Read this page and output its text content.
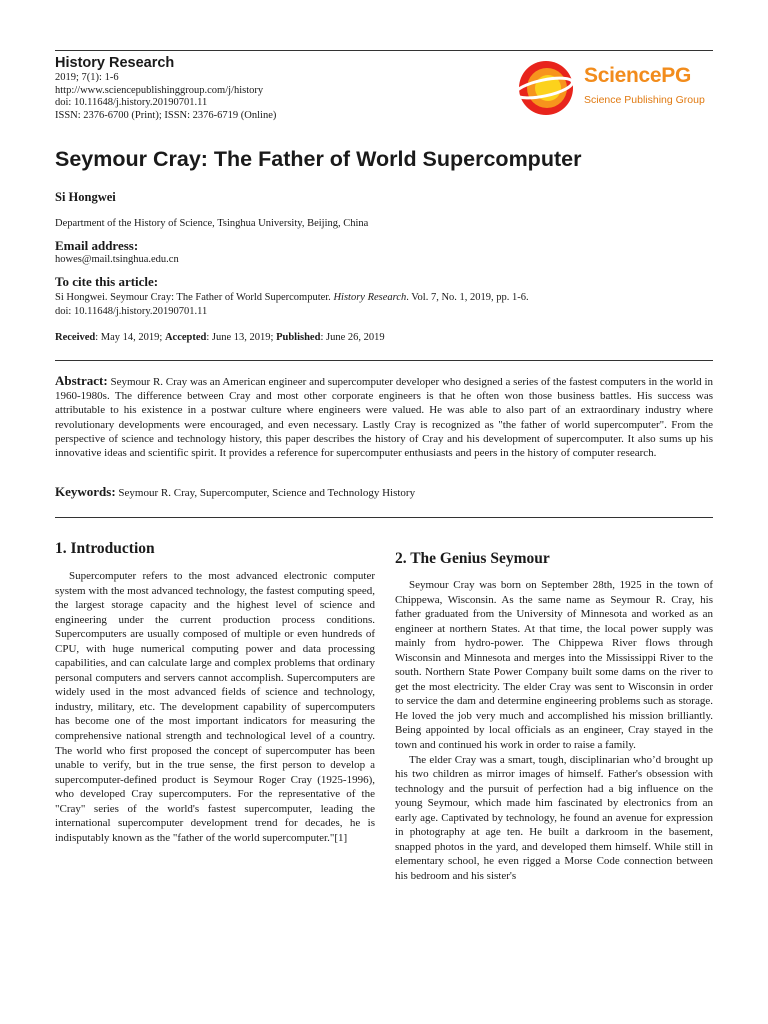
History Research
2019; 7(1): 1-6
http://www.sciencepublishinggroup.com/j/history
doi: 10.11648/j.history.20190701.11
ISSN: 2376-6700 (Print); ISSN: 2376-6719 (Online)
SciencePG
Science Publishing Group
Seymour Cray: The Father of World Supercomputer
Si Hongwei
Department of the History of Science, Tsinghua University, Beijing, China
Email address:
howes@mail.tsinghua.edu.cn
To cite this article:
Si Hongwei. Seymour Cray: The Father of World Supercomputer. History Research. Vol. 7, No. 1, 2019, pp. 1-6.
doi: 10.11648/j.history.20190701.11
Received: May 14, 2019; Accepted: June 13, 2019; Published: June 26, 2019
Abstract: Seymour R. Cray was an American engineer and supercomputer developer who designed a series of the fastest computers in the world in 1960-1980s. The difference between Cray and most other corporate engineers is that he often won those business battles. His success was attributable to his existence in a postwar culture where engineers were valued. He was able to also part of an extraordinary industry where revolutionary developments were encouraged, and even necessary. Lastly Cray is recognized as "the father of world supercomputer". From the perspective of science and technology history, this paper describes the history of Cray and his development of supercomputer. It also sums up his innovative ideas and scientific spirit. It provides a reference for supercomputer enthusiasts and peers in the history of computer research.
Keywords: Seymour R. Cray, Supercomputer, Science and Technology History
1. Introduction

Supercomputer refers to the most advanced electronic computer system with the most advanced technology, the fastest computing speed, the largest storage capacity and the highest level of science and engineering under the current production process conditions. Supercomputers are usually composed of multiple or even hundreds of CPU, with huge numerical computing power and data processing capabilities, and can calculate large and complex problems that ordinary personal computers and servers cannot accomplish. Supercomputers are widely used in the most advanced fields of science and technology, industry, military, etc. The development capability of supercomputers has become one of the most important indicators for measuring the comprehensive national strength and technological level of a country. The world who first proposed the concept of supercomputer has been unable to verify, but in the true sense, the first person to develop a supercomputer-defined product is Seymour Roger Cray (1925-1996), who developed Cray supercomputers. For the representative of the "Cray" series of the world's fastest supercomputer, leading the international supercomputer development trend for decades, he is indisputably known as the "father of the world supercomputer."[1]

2. The Genius Seymour

Seymour Cray was born on September 28th, 1925 in the town of Chippewa, Wisconsin. As the same name as Seymour R. Cray, his father graduated from the University of Minnesota and worked as an engineer at northern States. At that time, the local power supply was mainly from hydro-power. The Chippewa River flows through Wisconsin and Minnesota and merges into the Mississippi River to the south. Northern State Power Company built some dams on the river to get the most electricity. The elder Cray was sent to Wisconsin in order to service the dam and determine engineering problems such as storage. He loved the job very much and accomplished his mission brilliantly. Being appointed by local officials as an engineer, Cray stayed in the town and continued his work in order to raise a family.

The elder Cray was a smart, tough, disciplinarian who’d brought up his two children as mirror images of himself. Father's obsession with technology and the pursuit of perfection had a big influence on the young Seymour, which made him fascinated by electronics from an early age. Captivated by technology, he found an avenue for expression in photography at age ten. He built a darkroom in the basement, snapped photos in the yard, and developed them himself. While still in elementary school, he even rigged a Morse Code connection between his bedroom and his sister's
